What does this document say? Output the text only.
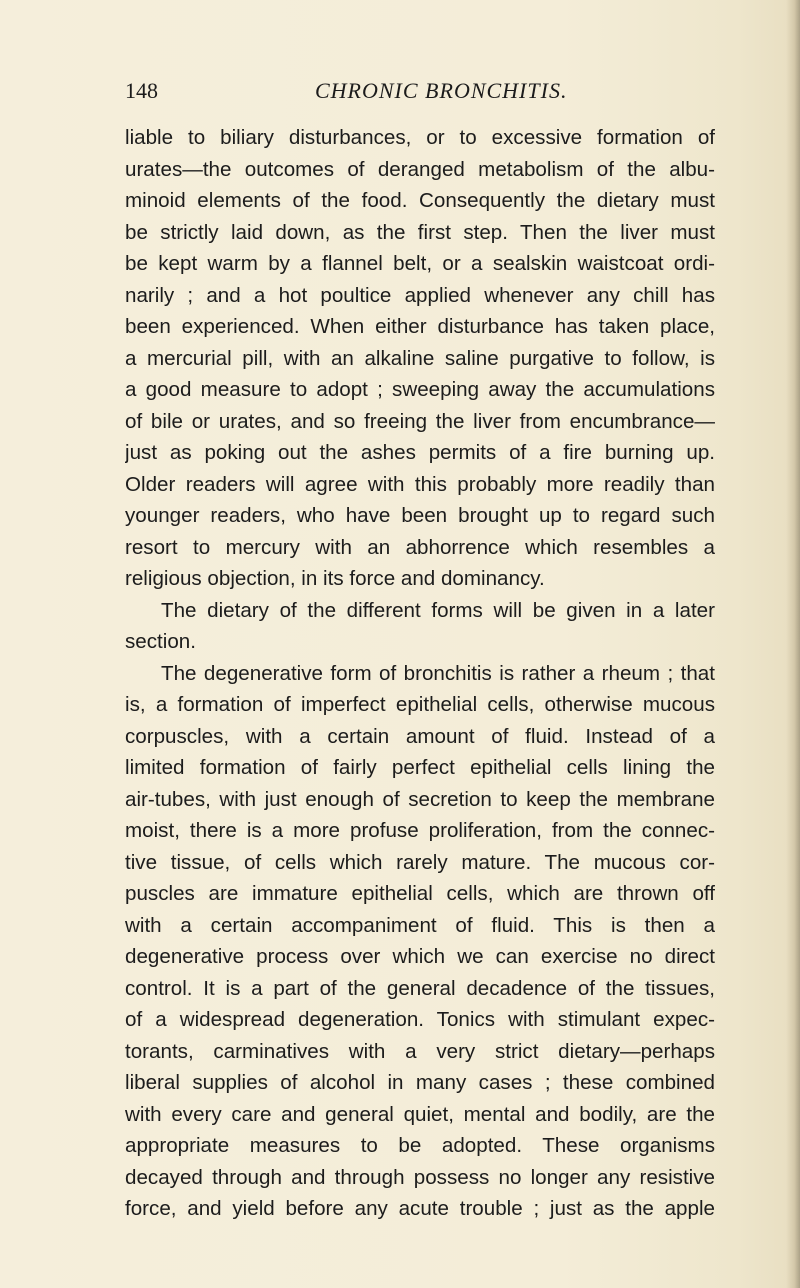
148	CHRONIC BRONCHITIS.
liable to biliary disturbances, or to excessive formation of
urates—the outcomes of deranged metabolism of the albu-
minoid elements of the food. Consequently the dietary must
be strictly laid down, as the first step. Then the liver must
be kept warm by a flannel belt, or a sealskin waistcoat ordi-
narily ; and a hot poultice applied whenever any chill has
been experienced. When either disturbance has taken place,
a mercurial pill, with an alkaline saline purgative to follow, is
a good measure to adopt ; sweeping away the accumulations
of bile or urates, and so freeing the liver from encumbrance—
just as poking out the ashes permits of a fire burning up.
Older readers will agree with this probably more readily than
younger readers, who have been brought up to regard such
resort to mercury with an abhorrence which resembles a
religious objection, in its force and dominancy.
The dietary of the different forms will be given in a later
section.
The degenerative form of bronchitis is rather a rheum ; that
is, a formation of imperfect epithelial cells, otherwise mucous
corpuscles, with a certain amount of fluid. Instead of a
limited formation of fairly perfect epithelial cells lining the
air-tubes, with just enough of secretion to keep the membrane
moist, there is a more profuse proliferation, from the connec-
tive tissue, of cells which rarely mature. The mucous cor-
puscles are immature epithelial cells, which are thrown off
with a certain accompaniment of fluid. This is then a
degenerative process over which we can exercise no direct
control. It is a part of the general decadence of the tissues,
of a widespread degeneration. Tonics with stimulant expec-
torants, carminatives with a very strict dietary—perhaps
liberal supplies of alcohol in many cases ; these combined
with every care and general quiet, mental and bodily, are the
appropriate measures to be adopted. These organisms
decayed through and through possess no longer any resistive
force, and yield before any acute trouble ; just as the apple
